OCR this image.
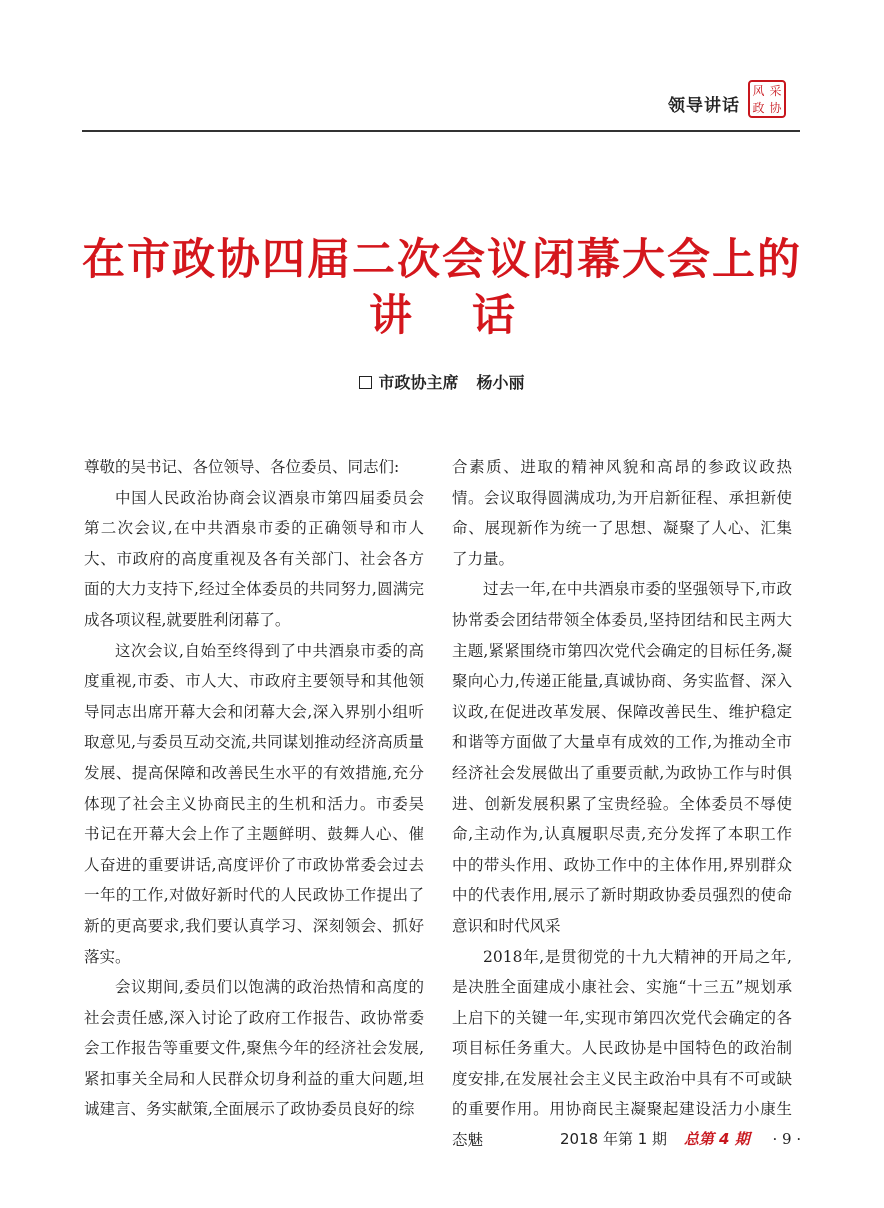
领导讲话
风 采
政 协
在市政协四届二次会议闭幕大会上的
讲话
市政协主席 杨小丽

尊敬的吴书记、各位领导、各位委员、同志们:

中国人民政治协商会议酒泉市第四届委员会第二次会议,在中共酒泉市委的正确领导和市人大、市政府的高度重视及各有关部门、社会各方面的大力支持下,经过全体委员的共同努力,圆满完成各项议程,就要胜利闭幕了。

这次会议,自始至终得到了中共酒泉市委的高度重视,市委、市人大、市政府主要领导和其他领导同志出席开幕大会和闭幕大会,深入界别小组听取意见,与委员互动交流,共同谋划推动经济高质量发展、提高保障和改善民生水平的有效措施,充分体现了社会主义协商民主的生机和活力。市委吴书记在开幕大会上作了主题鲜明、鼓舞人心、催人奋进的重要讲话,高度评价了市政协常委会过去一年的工作,对做好新时代的人民政协工作提出了新的更高要求,我们要认真学习、深刻领会、抓好落实。

会议期间,委员们以饱满的政治热情和高度的社会责任感,深入讨论了政府工作报告、政协常委会工作报告等重要文件,聚焦今年的经济社会发展,紧扣事关全局和人民群众切身利益的重大问题,坦诚建言、务实献策,全面展示了政协委员良好的综

合素质、进取的精神风貌和高昂的参政议政热情。会议取得圆满成功,为开启新征程、承担新使命、展现新作为统一了思想、凝聚了人心、汇集了力量。

过去一年,在中共酒泉市委的坚强领导下,市政协常委会团结带领全体委员,坚持团结和民主两大主题,紧紧围绕市第四次党代会确定的目标任务,凝聚向心力,传递正能量,真诚协商、务实监督、深入议政,在促进改革发展、保障改善民生、维护稳定和谐等方面做了大量卓有成效的工作,为推动全市经济社会发展做出了重要贡献,为政协工作与时俱进、创新发展积累了宝贵经验。全体委员不辱使命,主动作为,认真履职尽责,充分发挥了本职工作中的带头作用、政协工作中的主体作用,界别群众中的代表作用,展示了新时期政协委员强烈的使命意识和时代风采

2018年,是贯彻党的十九大精神的开局之年,是决胜全面建成小康社会、实施“十三五”规划承上启下的关键一年,实现市第四次党代会确定的各项目标任务重大。人民政协是中国特色的政治制度安排,在发展社会主义民主政治中具有不可或缺的重要作用。用协商民主凝聚起建设活力小康生态魅	2018 年第 1 期 总第 4 期 · 9 ·
